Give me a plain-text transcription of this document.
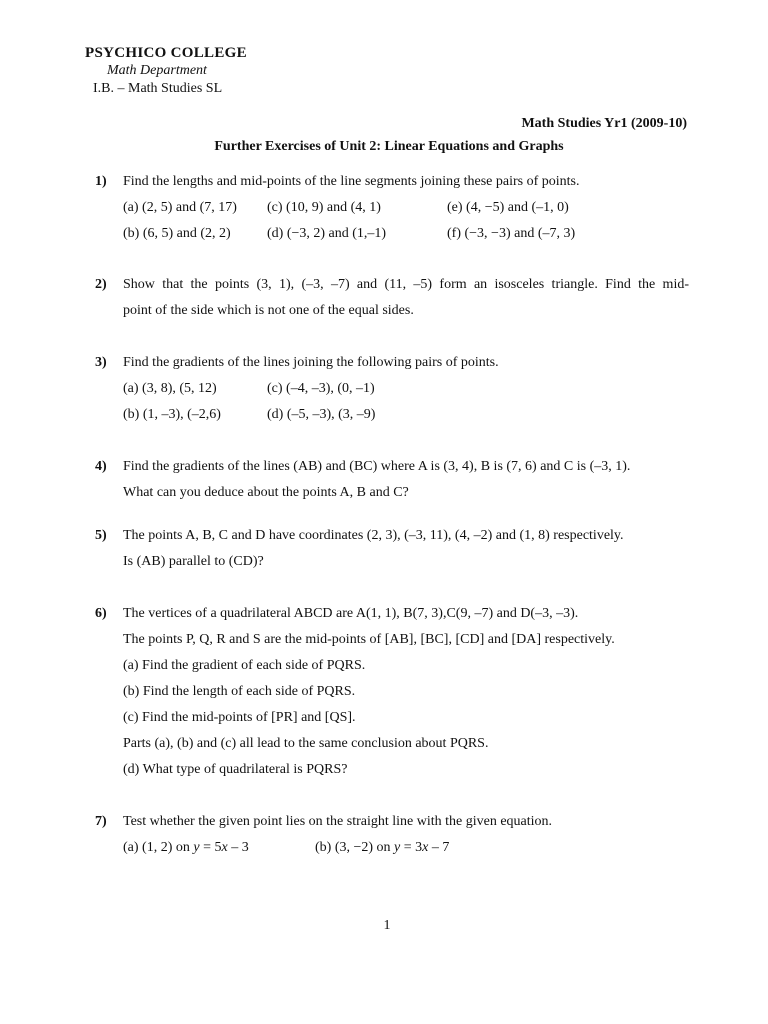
PSYCHICO COLLEGE
Math Department
I.B. – Math Studies SL
Math Studies Yr1 (2009-10)
Further Exercises of Unit 2: Linear Equations and Graphs
1)	Find the lengths and mid-points of the line segments joining these pairs of points.
(a) (2, 5) and (7, 17) (c) (10, 9) and (4, 1)	(e) (4, −5) and (–1, 0)
(b) (6, 5) and (2, 2)	(d) (−3, 2) and (1,–1)	(f) (−3, −3) and (–7, 3)
2)	Show that the points (3, 1), (–3, –7) and (11, –5) form an isosceles triangle. Find the mid-
point of the side which is not one of the equal sides.
3)	Find the gradients of the lines joining the following pairs of points.
(a) (3, 8), (5, 12)	(c) (–4, –3), (0, –1)
(b) (1, –3), (–2,6)	(d) (–5, –3), (3, –9)
4)	Find the gradients of the lines (AB) and (BC) where A is (3, 4), B is (7, 6) and C is (–3, 1).
What can you deduce about the points A, B and C?
5)	The points A, B, C and D have coordinates (2, 3), (–3, 11), (4, –2) and (1, 8) respectively.
Is (AB) parallel to (CD)?
6)	The vertices of a quadrilateral ABCD are A(1, 1), B(7, 3),C(9, –7) and D(–3, –3).
The points P, Q, R and S are the mid-points of [AB], [BC], [CD] and [DA] respectively.
(a) Find the gradient of each side of PQRS.
(b) Find the length of each side of PQRS.
(c) Find the mid-points of [PR] and [QS].
Parts (a), (b) and (c) all lead to the same conclusion about PQRS.
(d) What type of quadrilateral is PQRS?
7)	Test whether the given point lies on the straight line with the given equation.
(a) (1, 2) on y = 5x – 3	(b) (3, −2) on y = 3x – 7
1
